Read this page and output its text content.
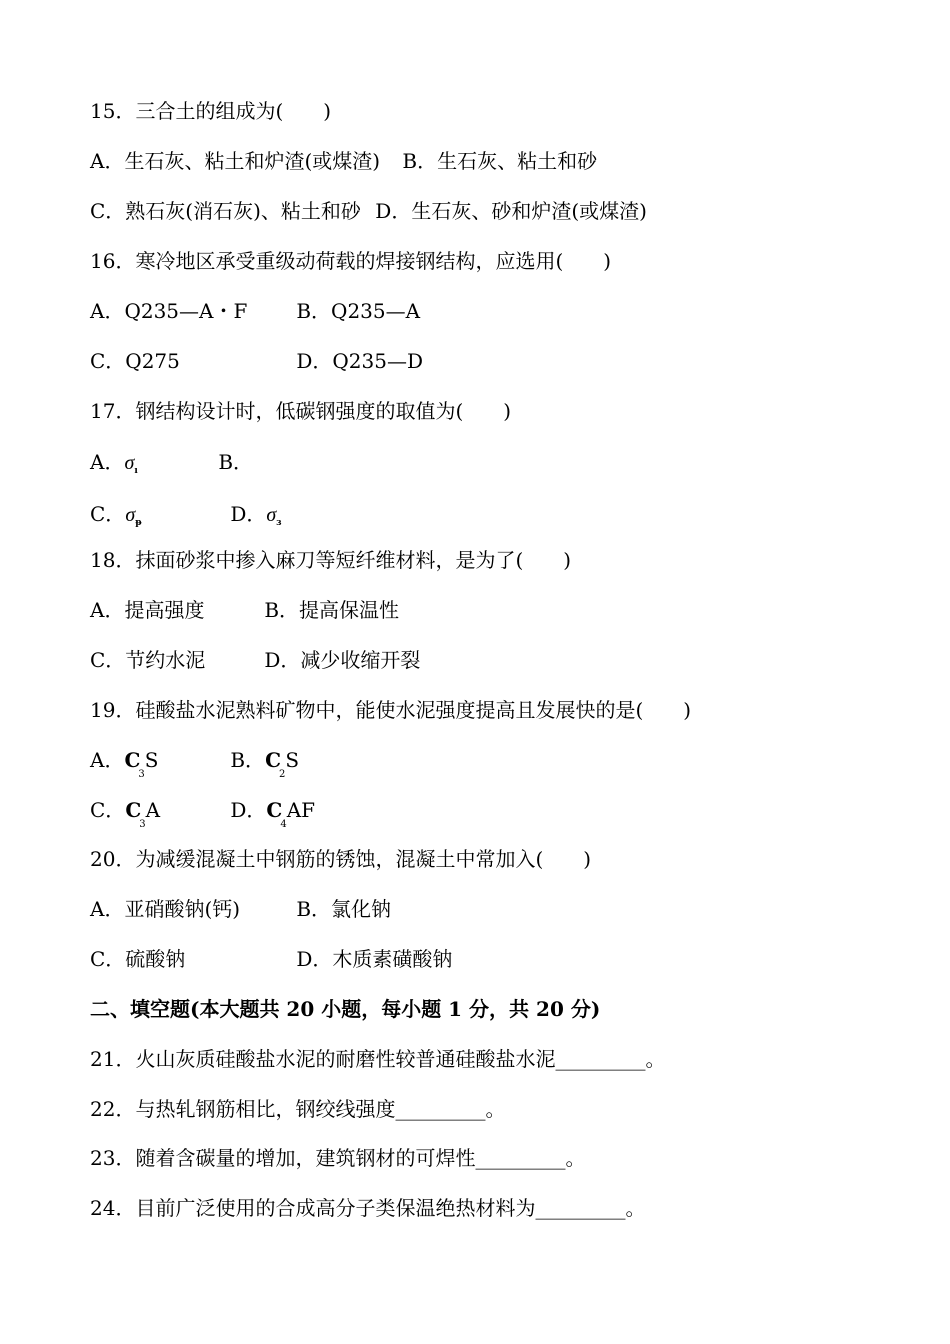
15．三合土的组成为(　　)
A．生石灰、粘土和炉渣(或煤渣) B．生石灰、粘土和砂
C．熟石灰(消石灰)、粘土和砂 D．生石灰、砂和炉渣(或煤渣)
16．寒冷地区承受重级动荷载的焊接钢结构，应选用(　　)
A．Q235—A・F B．Q235—A
C．Q275	D．Q235—D
17．钢结构设计时，低碳钢强度的取值为(　　)
A．$\sigma_ı$	B．
C．$\sigma_ᵽ$	D．$\sigma_ɜ$
18．抹面砂浆中掺入麻刀等短纤维材料，是为了(　　)
A．提高强度	B．提高保温性
C．节约水泥	D．减少收缩开裂
19．硅酸盐水泥熟料矿物中，能使水泥强度提高且发展快的是(　　)
A．$C_3S$	B．$C_2S$
C．$C_3A$	D．$C_4AF$
20．为减缓混凝土中钢筋的锈蚀，混凝土中常加入(　　)
A．亚硝酸钠(钙)	B．氯化钠
C．硫酸钠	D．木质素磺酸钠
二、填空题(本大题共 20 小题，每小题 1 分，共 20 分)
21．火山灰质硅酸盐水泥的耐磨性较普通硅酸盐水泥_________。
22．与热轧钢筋相比，钢绞线强度_________。
23．随着含碳量的增加，建筑钢材的可焊性_________。
24．目前广泛使用的合成高分子类保温绝热材料为_________。
